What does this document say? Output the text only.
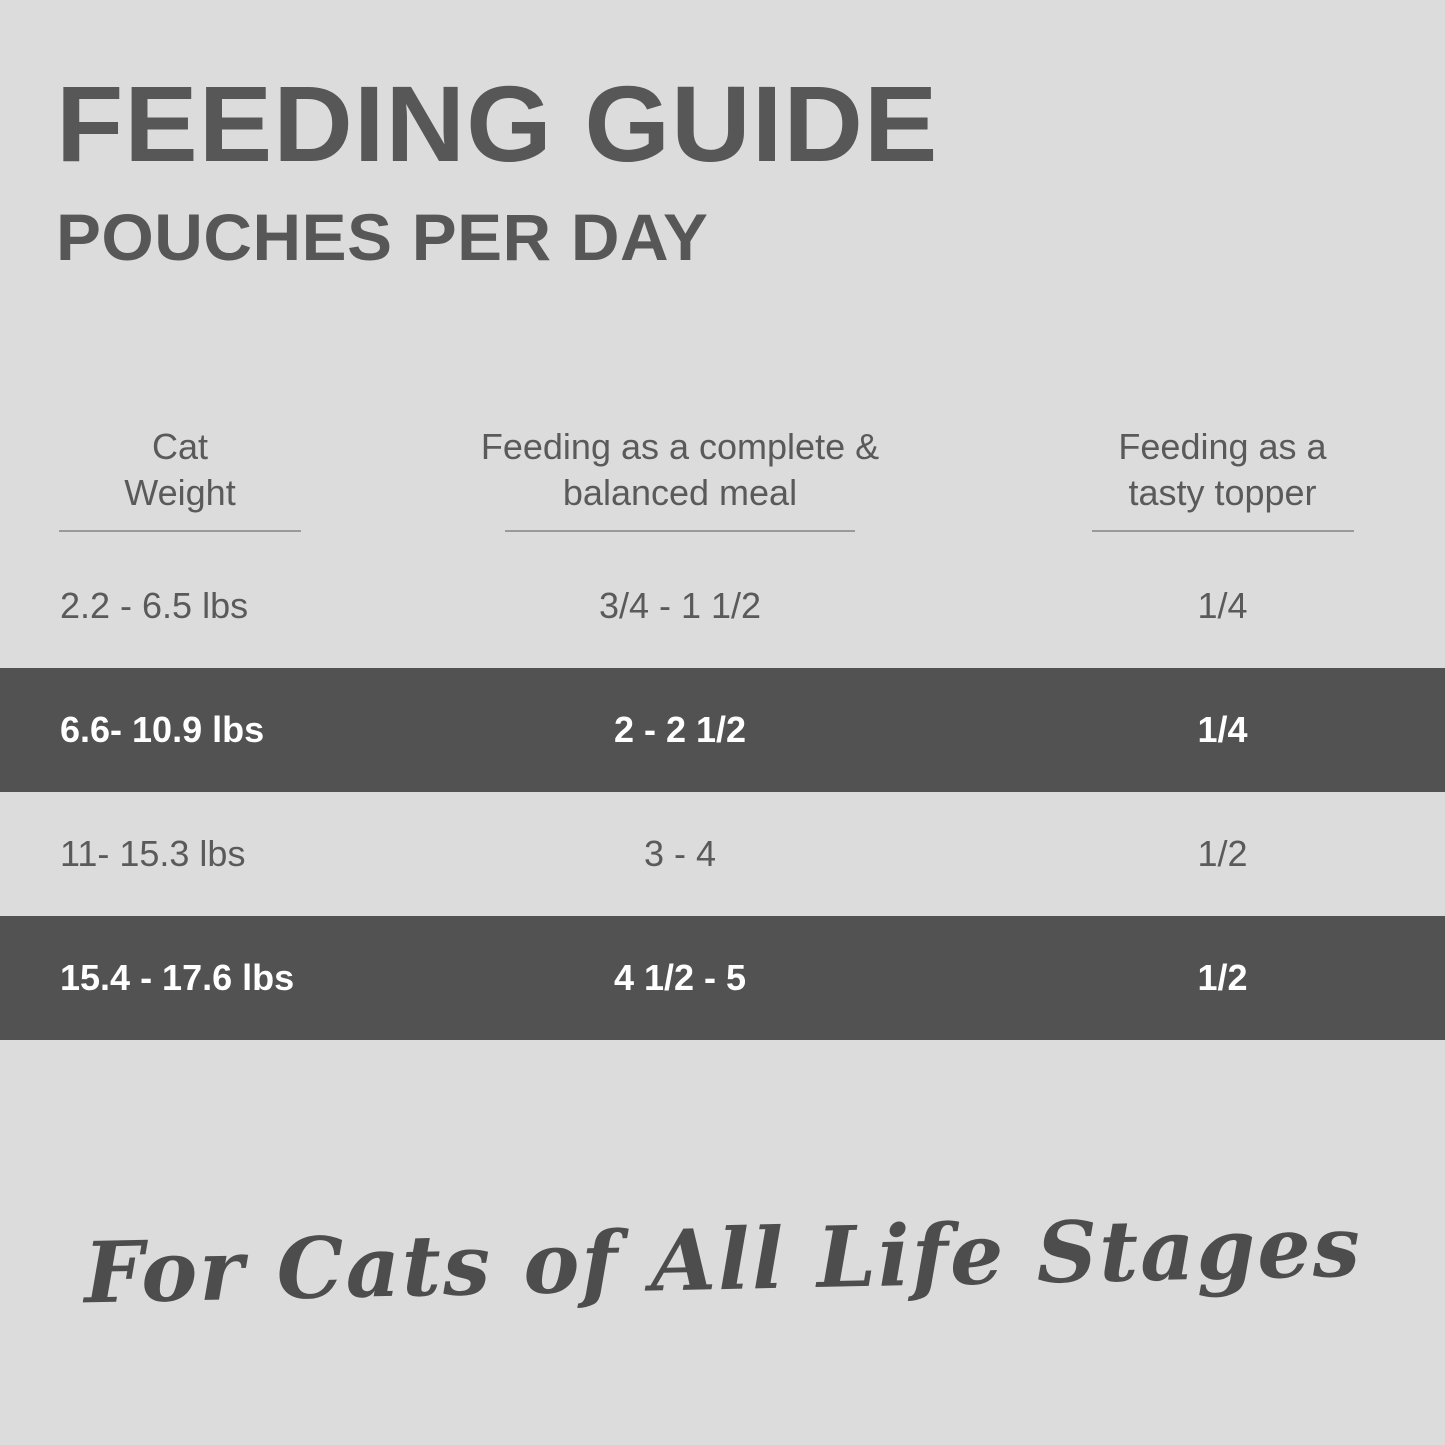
FEEDING GUIDE
POUCHES PER DAY
Cat
Weight
Feeding as a complete &
balanced meal
Feeding as a
tasty topper
2.2 - 6.5 lbs	3/4 - 1 1/2	1/4
6.6- 10.9 lbs	2 - 2 1/2	1/4
11- 15.3 lbs	3 - 4	1/2
15.4 - 17.6 lbs	4 1/2 - 5	1/2
For Cats of All Life Stages
